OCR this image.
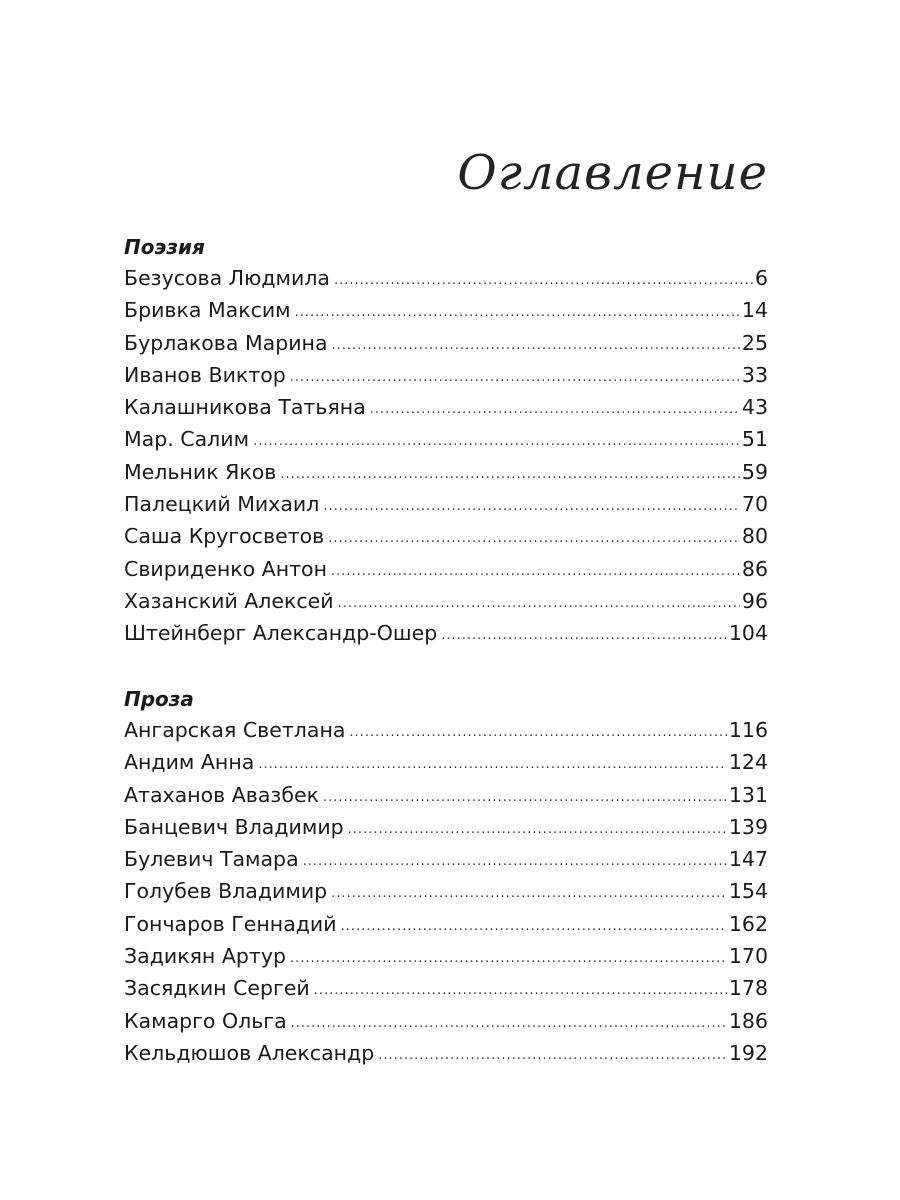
Оглавление
Поэзия
Безусова Людмила .....	6
Бривка Максим .....	14
Бурлакова Марина .....	25
Иванов Виктор .....	33
Калашникова Татьяна .....	43
Мар. Салим .....	51
Мельник Яков .....	59
Палецкий Михаил .....	70
Саша Кругосветов .....	80
Свириденко Антон .....	86
Хазанский Алексей .....	96
Штейнберг Александр-Ошер .....	104
Проза
Ангарская Светлана .....	116
Андим Анна .....	124
Атаханов Авазбек .....	131
Банцевич Владимир .....	139
Булевич Тамара .....	147
Голубев Владимир .....	154
Гончаров Геннадий .....	162
Задикян Артур .....	170
Засядкин Сергей .....	178
Камарго Ольга .....	186
Кельдюшов Александр .....	192
